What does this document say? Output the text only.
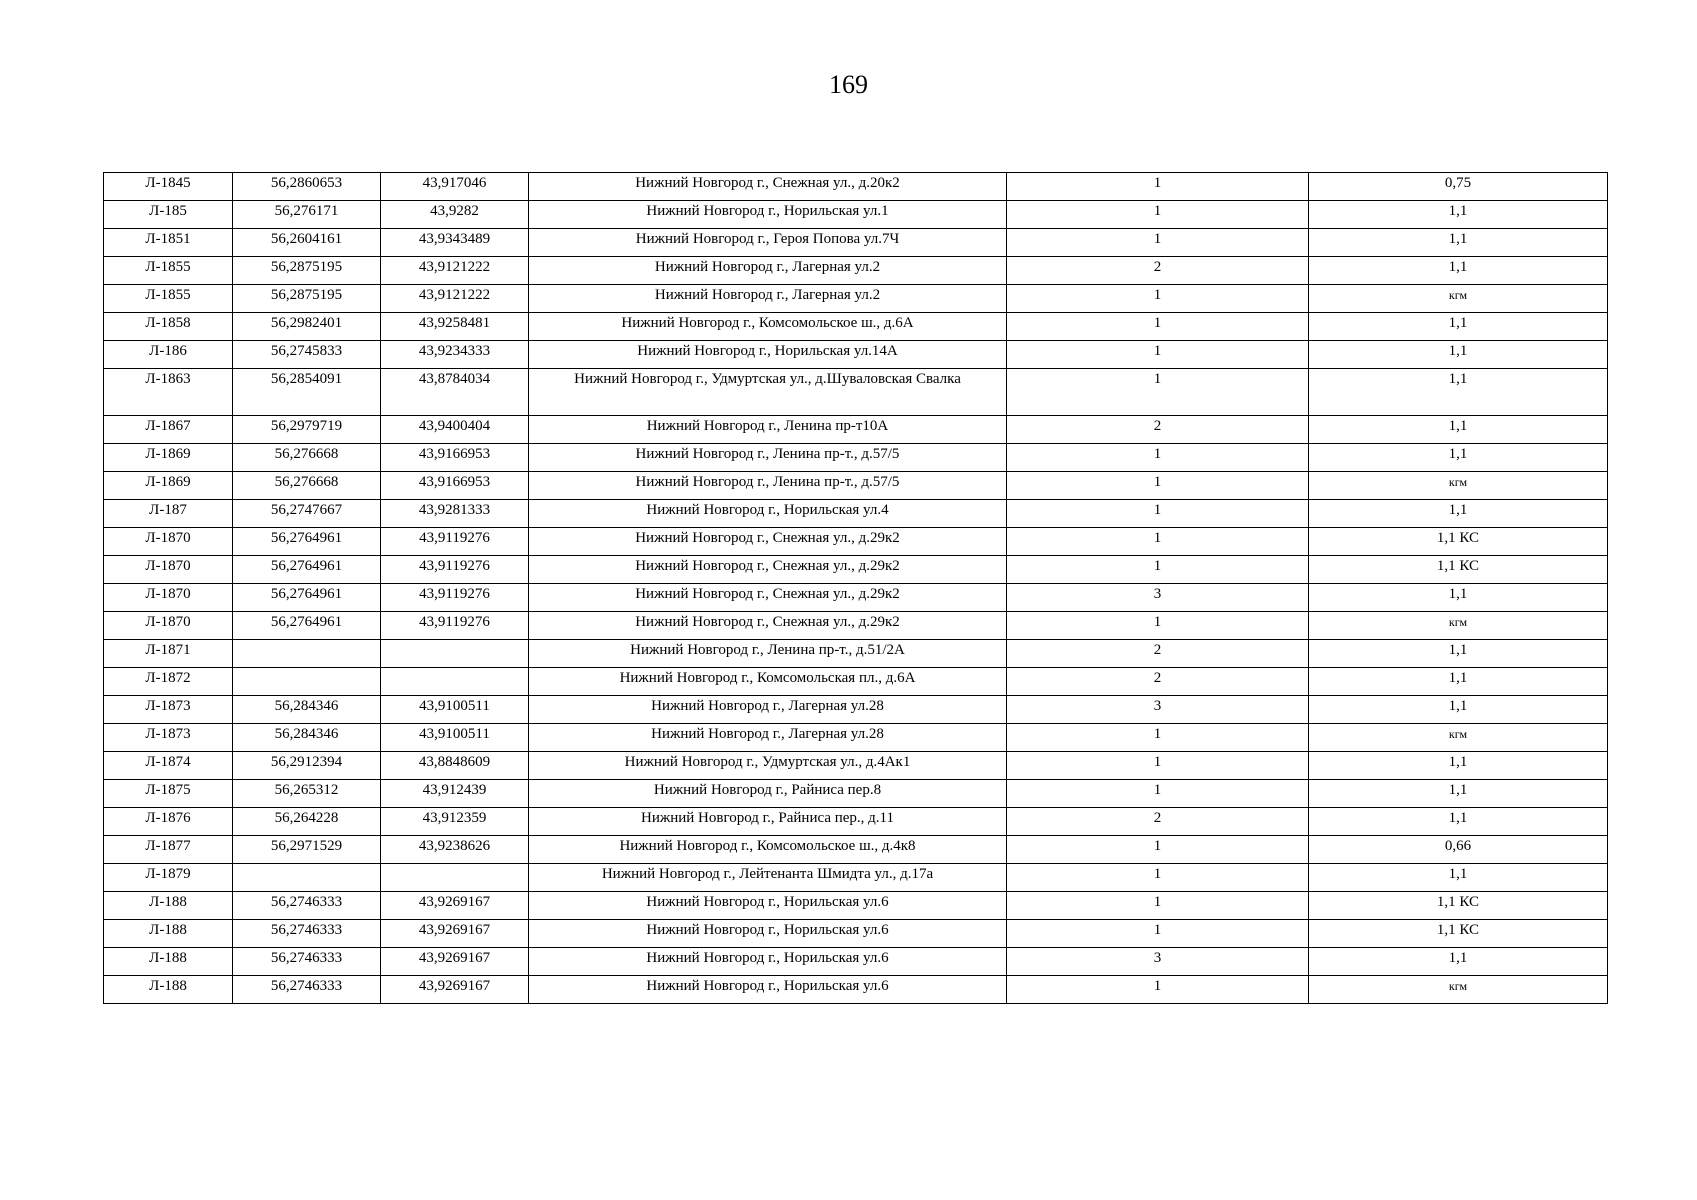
169
Л-1845	56,2860653	43,917046	Нижний Новгород г., Снежная ул., д.20к2	1	0,75
Л-185	56,276171	43,9282	Нижний Новгород г., Норильская ул.1	1	1,1
Л-1851	56,2604161	43,9343489	Нижний Новгород г., Героя Попова ул.7Ч	1	1,1
Л-1855	56,2875195	43,9121222	Нижний Новгород г., Лагерная ул.2	2	1,1
Л-1855	56,2875195	43,9121222	Нижний Новгород г., Лагерная ул.2	1	кгм
Л-1858	56,2982401	43,9258481	Нижний Новгород г., Комсомольское ш., д.6А	1	1,1
Л-186	56,2745833	43,9234333	Нижний Новгород г., Норильская ул.14А	1	1,1
Л-1863	56,2854091	43,8784034	Нижний Новгород г., Удмуртская ул., д.Шуваловская Свалка	1	1,1
Л-1867	56,2979719	43,9400404	Нижний Новгород г., Ленина пр-т10А	2	1,1
Л-1869	56,276668	43,9166953	Нижний Новгород г., Ленина пр-т., д.57/5	1	1,1
Л-1869	56,276668	43,9166953	Нижний Новгород г., Ленина пр-т., д.57/5	1	кгм
Л-187	56,2747667	43,9281333	Нижний Новгород г., Норильская ул.4	1	1,1
Л-1870	56,2764961	43,9119276	Нижний Новгород г., Снежная ул., д.29к2	1	1,1 КС
Л-1870	56,2764961	43,9119276	Нижний Новгород г., Снежная ул., д.29к2	1	1,1 КС
Л-1870	56,2764961	43,9119276	Нижний Новгород г., Снежная ул., д.29к2	3	1,1
Л-1870	56,2764961	43,9119276	Нижний Новгород г., Снежная ул., д.29к2	1	кгм
Л-1871			Нижний Новгород г., Ленина пр-т., д.51/2А	2	1,1
Л-1872			Нижний Новгород г., Комсомольская пл., д.6А	2	1,1
Л-1873	56,284346	43,9100511	Нижний Новгород г., Лагерная ул.28	3	1,1
Л-1873	56,284346	43,9100511	Нижний Новгород г., Лагерная ул.28	1	кгм
Л-1874	56,2912394	43,8848609	Нижний Новгород г., Удмуртская ул., д.4Ак1	1	1,1
Л-1875	56,265312	43,912439	Нижний Новгород г., Райниса пер.8	1	1,1
Л-1876	56,264228	43,912359	Нижний Новгород г., Райниса пер., д.11	2	1,1
Л-1877	56,2971529	43,9238626	Нижний Новгород г., Комсомольское ш., д.4к8	1	0,66
Л-1879			Нижний Новгород г., Лейтенанта Шмидта ул., д.17а	1	1,1
Л-188	56,2746333	43,9269167	Нижний Новгород г., Норильская ул.6	1	1,1 КС
Л-188	56,2746333	43,9269167	Нижний Новгород г., Норильская ул.6	1	1,1 КС
Л-188	56,2746333	43,9269167	Нижний Новгород г., Норильская ул.6	3	1,1
Л-188	56,2746333	43,9269167	Нижний Новгород г., Норильская ул.6	1	кгм
